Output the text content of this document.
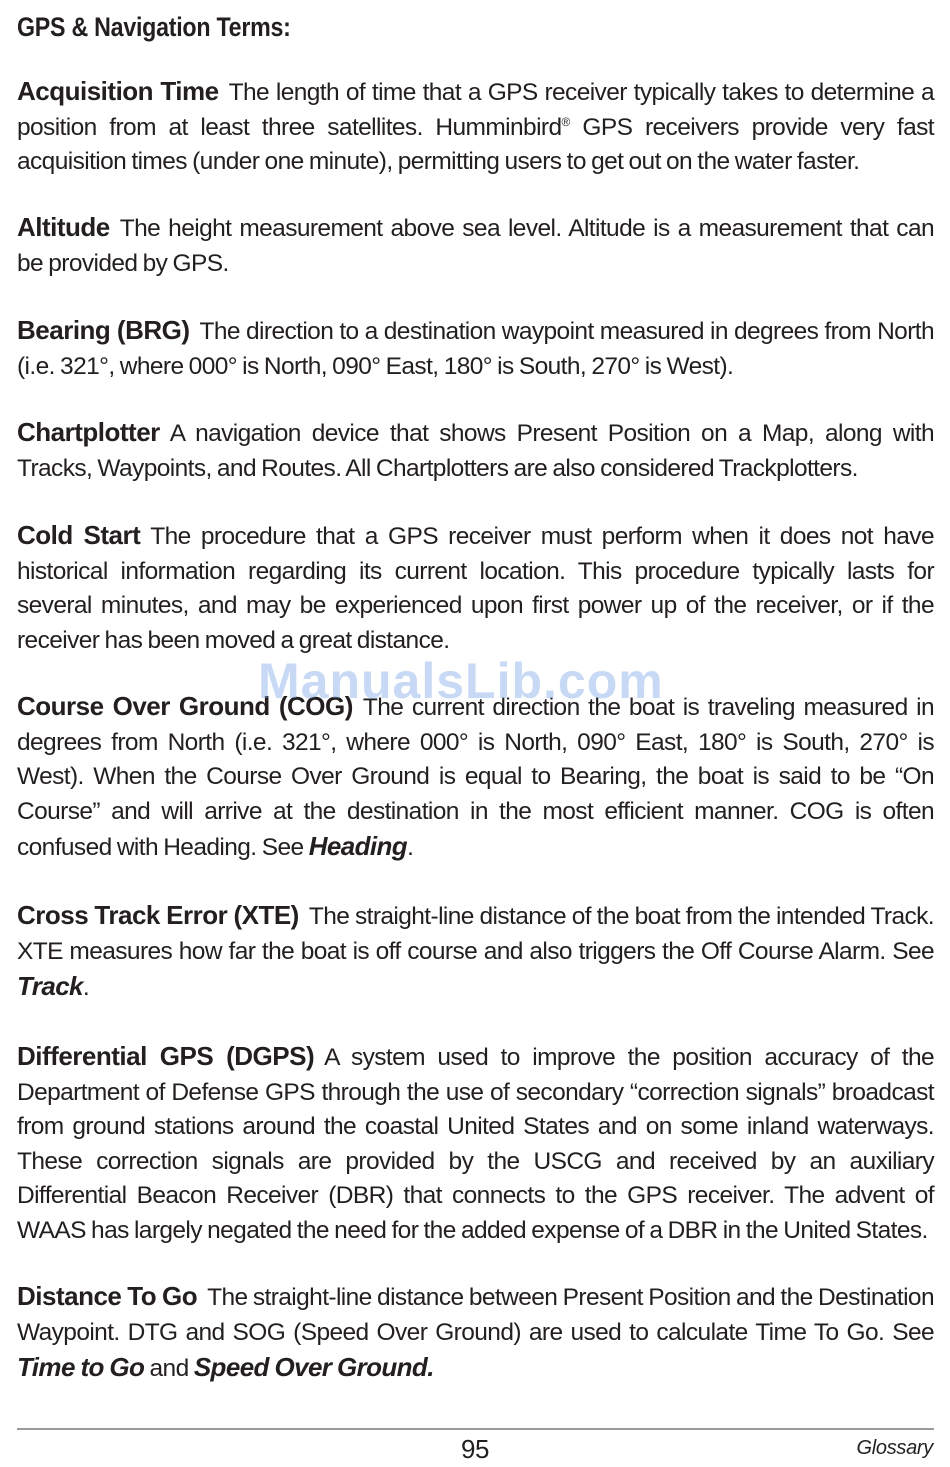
GPS & Navigation Terms:

Acquisition Time The length of time that a GPS receiver typically takes to determine a position from at least three satellites. Humminbird® GPS receivers provide very fast acquisition times (under one minute), permitting users to get out on the water faster.

Altitude The height measurement above sea level. Altitude is a measurement that can be provided by GPS.

Bearing (BRG) The direction to a destination waypoint measured in degrees from North (i.e. 321°, where 000° is North, 090° East, 180° is South, 270° is West).

Chartplotter A navigation device that shows Present Position on a Map, along with Tracks, Waypoints, and Routes. All Chartplotters are also considered Trackplotters.

Cold Start The procedure that a GPS receiver must perform when it does not have historical information regarding its current location. This procedure typically lasts for several minutes, and may be experienced upon first power up of the receiver, or if the receiver has been moved a great distance.

Course Over Ground (COG) The current direction the boat is traveling measured in degrees from North (i.e. 321°, where 000° is North, 090° East, 180° is South, 270° is West). When the Course Over Ground is equal to Bearing, the boat is said to be “On Course” and will arrive at the destination in the most efficient manner. COG is often confused with Heading. See Heading.

Cross Track Error (XTE) The straight-line distance of the boat from the intended Track. XTE measures how far the boat is off course and also triggers the Off Course Alarm. See Track.

Differential GPS (DGPS) A system used to improve the position accuracy of the Department of Defense GPS through the use of secondary “correction signals” broadcast from ground stations around the coastal United States and on some inland waterways. These correction signals are provided by the USCG and received by an auxiliary Differential Beacon Receiver (DBR) that connects to the GPS receiver. The advent of WAAS has largely negated the need for the added expense of a DBR in the United States.

Distance To Go The straight-line distance between Present Position and the Destination Waypoint. DTG and SOG (Speed Over Ground) are used to calculate Time To Go. See Time to Go and Speed Over Ground.

ManualsLib.com
95	Glossary
